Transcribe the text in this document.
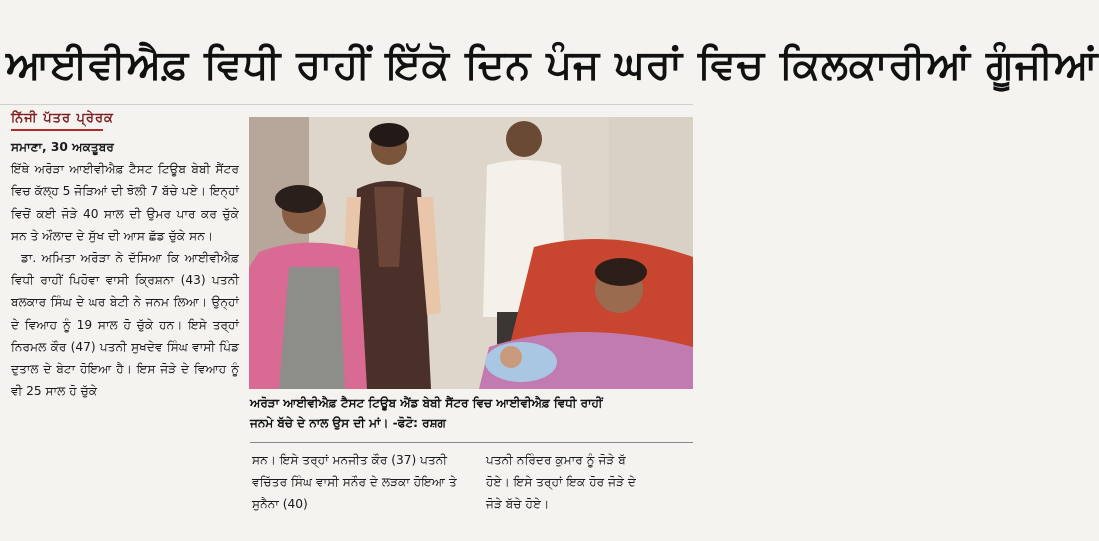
ਆਈਵੀਐਫ਼ ਵਿਧੀ ਰਾਹੀਂ ਇੱਕੋ ਦਿਨ ਪੰਜ ਘਰਾਂ ਵਿਚ ਕਿਲਕਾਰੀਆਂ ਗੂੰਜੀਆਂ
ਨਿੱਜੀ ਪੱਤਰ ਪ੍ਰੇਰਕ

ਸਮਾਣਾ, 30 ਅਕਤੂਬਰ

ਇੱਥੇ ਅਰੋੜਾ ਆਈਵੀਐਫ਼ ਟੈਸਟ ਟਿਊਬ ਬੇਬੀ ਸੈਂਟਰ ਵਿਚ ਕੱਲ੍ਹ 5 ਜੋੜਿਆਂ ਦੀ ਝੋਲੀ 7 ਬੱਚੇ ਪਏ। ਇਨ੍ਹਾਂ ਵਿਚੋਂ ਕਈ ਜੋੜੇ 40 ਸਾਲ ਦੀ ਉਮਰ ਪਾਰ ਕਰ ਚੁੱਕੇ ਸਨ ਤੇ ਔਲਾਦ ਦੇ ਸੁੱਖ ਦੀ ਆਸ ਛੱਡ ਚੁੱਕੇ ਸਨ।

ਡਾ. ਅਮਿਤਾ ਅਰੋੜਾ ਨੇ ਦੱਸਿਆ ਕਿ ਆਈਵੀਐਫ਼ ਵਿਧੀ ਰਾਹੀਂ ਪਿਹੋਵਾ ਵਾਸੀ ਕ੍ਰਿਸ਼ਨਾ (43) ਪਤਨੀ ਬਲਕਾਰ ਸਿੰਘ ਦੇ ਘਰ ਬੇਟੀ ਨੇ ਜਨਮ ਲਿਆ। ਉਨ੍ਹਾਂ ਦੇ ਵਿਆਹ ਨੂੰ 19 ਸਾਲ ਹੋ ਚੁੱਕੇ ਹਨ। ਇਸੇ ਤਰ੍ਹਾਂ ਨਿਰਮਲ ਕੌਰ (47) ਪਤਨੀ ਸੁਖਦੇਵ ਸਿੰਘ ਵਾਸੀ ਪਿੰਡ ਦੁਤਾਲ ਦੇ ਬੇਟਾ ਹੋਇਆ ਹੈ। ਇਸ ਜੋੜੇ ਦੇ ਵਿਆਹ ਨੂੰ ਵੀ 25 ਸਾਲ ਹੋ ਚੁੱਕੇ

ਅਰੋੜਾ ਆਈਵੀਐਫ਼ ਟੈਸਟ ਟਿਊਬ ਐਂਡ ਬੇਬੀ ਸੈਂਟਰ ਵਿਚ ਆਈਵੀਐਫ਼ ਵਿਧੀ ਰਾਹੀਂ
ਜਨਮੇ ਬੱਚੇ ਦੇ ਨਾਲ ਉਸ ਦੀ ਮਾਂ। -ਫੋਟੋ: ਰਸ਼ਗ

ਸਨ। ਇਸੇ ਤਰ੍ਹਾਂ ਮਨਜੀਤ ਕੌਰ (37) ਪਤਨੀ ਵਚਿੱਤਰ ਸਿੰਘ ਵਾਸੀ ਸਨੌਰ ਦੇ ਲੜਕਾ ਹੋਇਆ ਤੇ ਸੁਨੈਨਾ (40)

ਪਤਨੀ ਨਰਿੰਦਰ ਕੁਮਾਰ ਨੂੰ ਜੋੜੇ ਬੱ

ਹੋਏ। ਇਸੇ ਤਰ੍ਹਾਂ ਇਕ ਹੋਰ ਜੋੜੇ ਦੇ

ਜੋੜੇ ਬੱਚੇ ਹੋਏ।
